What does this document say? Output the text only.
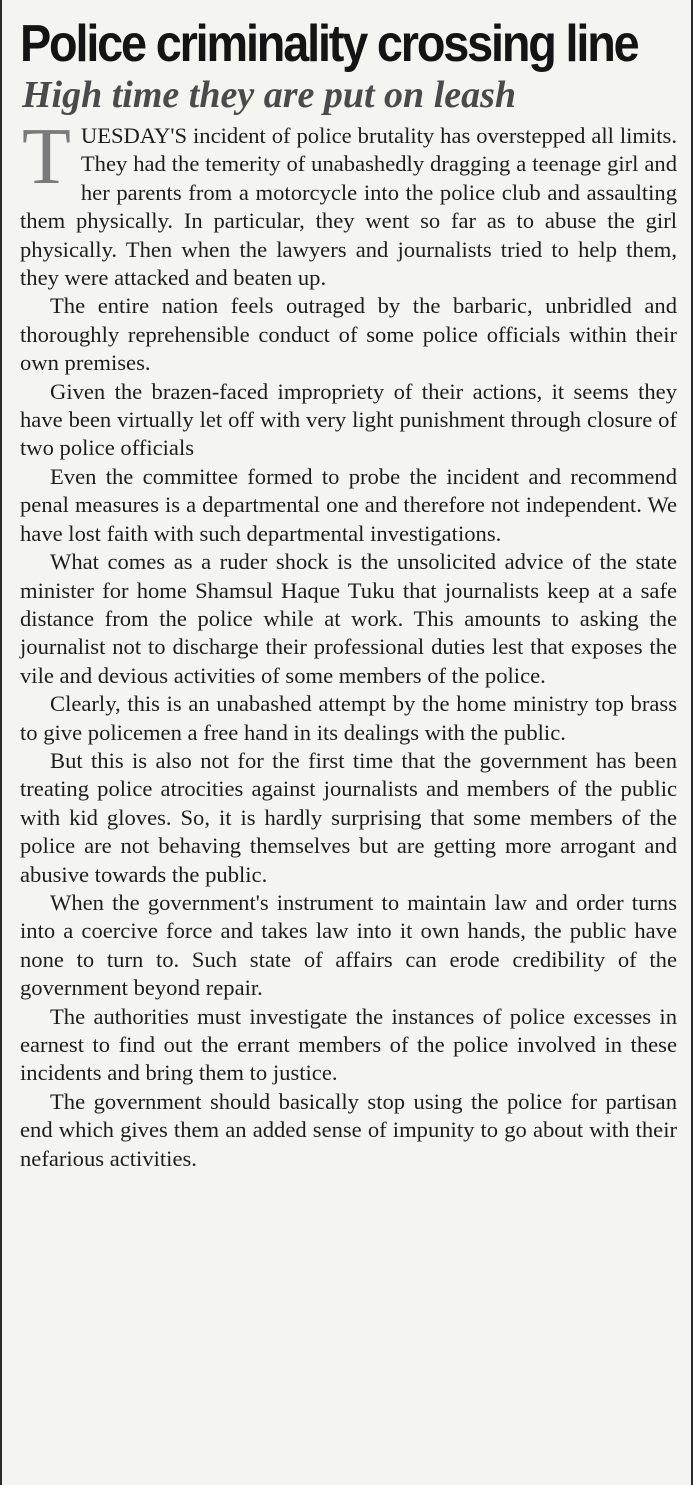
Police criminality crossing line
High time they are put on leash

TUESDAY'S incident of police brutality has overstepped all limits. They had the temerity of unabashedly dragging a teenage girl and her parents from a motorcycle into the police club and assaulting them physically. In particular, they went so far as to abuse the girl physically. Then when the lawyers and journalists tried to help them, they were attacked and beaten up.

The entire nation feels outraged by the barbaric, unbridled and thoroughly reprehensible conduct of some police officials within their own premises.

Given the brazen-faced impropriety of their actions, it seems they have been virtually let off with very light punishment through closure of two police officials

Even the committee formed to probe the incident and recommend penal measures is a departmental one and therefore not independent. We have lost faith with such departmental investigations.

What comes as a ruder shock is the unsolicited advice of the state minister for home Shamsul Haque Tuku that journalists keep at a safe distance from the police while at work. This amounts to asking the journalist not to discharge their professional duties lest that exposes the vile and devious activities of some members of the police.

Clearly, this is an unabashed attempt by the home ministry top brass to give policemen a free hand in its dealings with the public.

But this is also not for the first time that the government has been treating police atrocities against journalists and members of the public with kid gloves. So, it is hardly surprising that some members of the police are not behaving themselves but are getting more arrogant and abusive towards the public.

When the government's instrument to maintain law and order turns into a coercive force and takes law into it own hands, the public have none to turn to. Such state of affairs can erode credibility of the government beyond repair.

The authorities must investigate the instances of police excesses in earnest to find out the errant members of the police involved in these incidents and bring them to justice.

The government should basically stop using the police for partisan end which gives them an added sense of impunity to go about with their nefarious activities.
